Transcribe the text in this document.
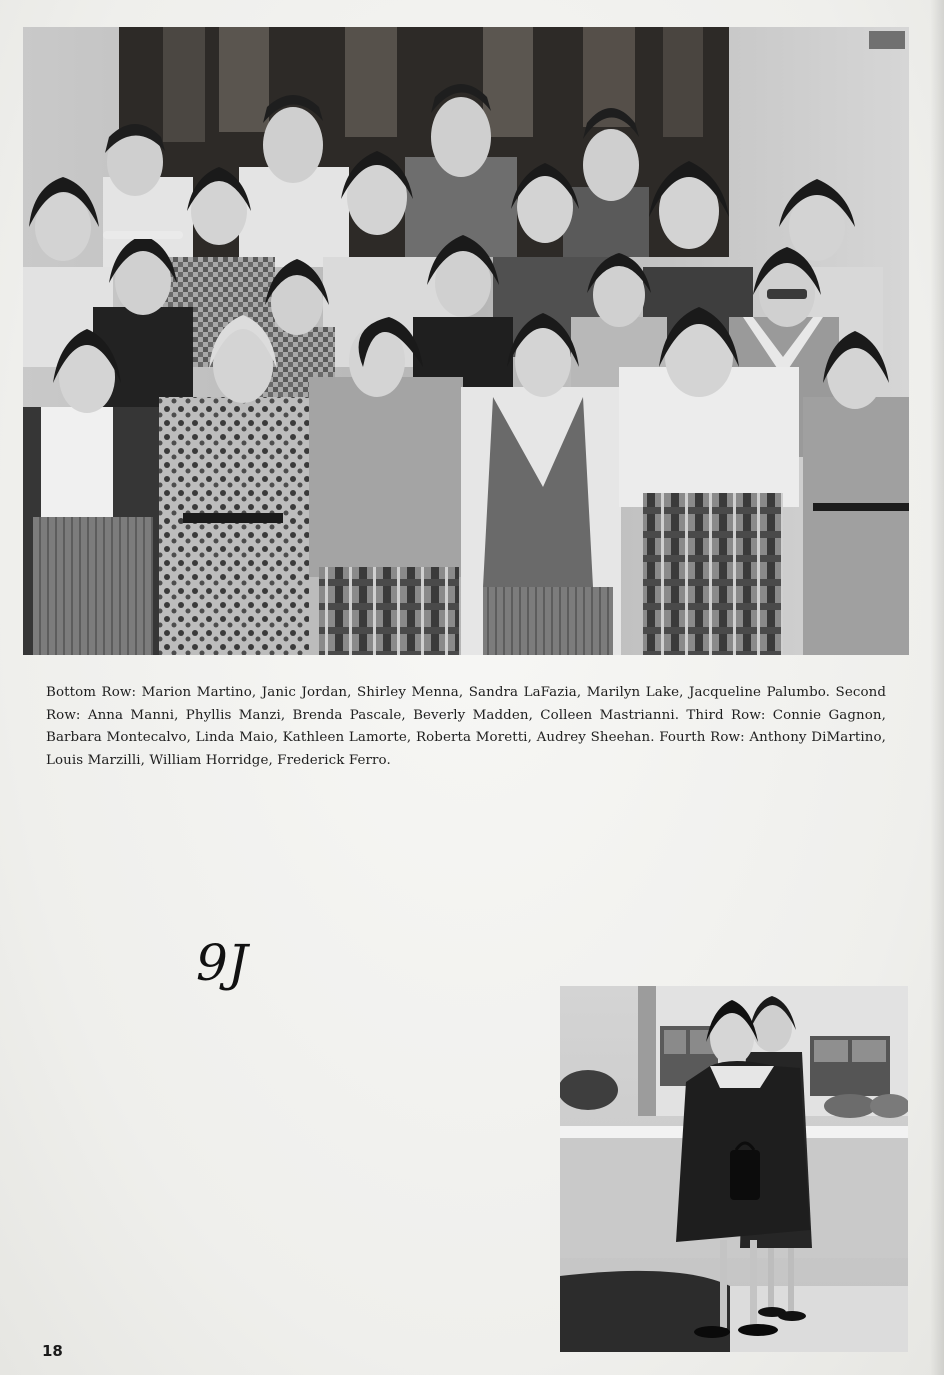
Bottom Row: Marion Martino, Janic Jordan, Shirley Menna, Sandra LaFazia, Marilyn Lake, Jacqueline Palumbo. Second Row: Anna Manni, Phyllis Manzi, Brenda Pascale, Beverly Madden, Colleen Mastrianni. Third Row: Connie Gagnon, Barbara Montecalvo, Linda Maio, Kathleen Lamorte, Roberta Moretti, Audrey Sheehan. Fourth Row: Anthony DiMartino, Louis Marzilli, William Horridge, Frederick Ferro.

9J
18
